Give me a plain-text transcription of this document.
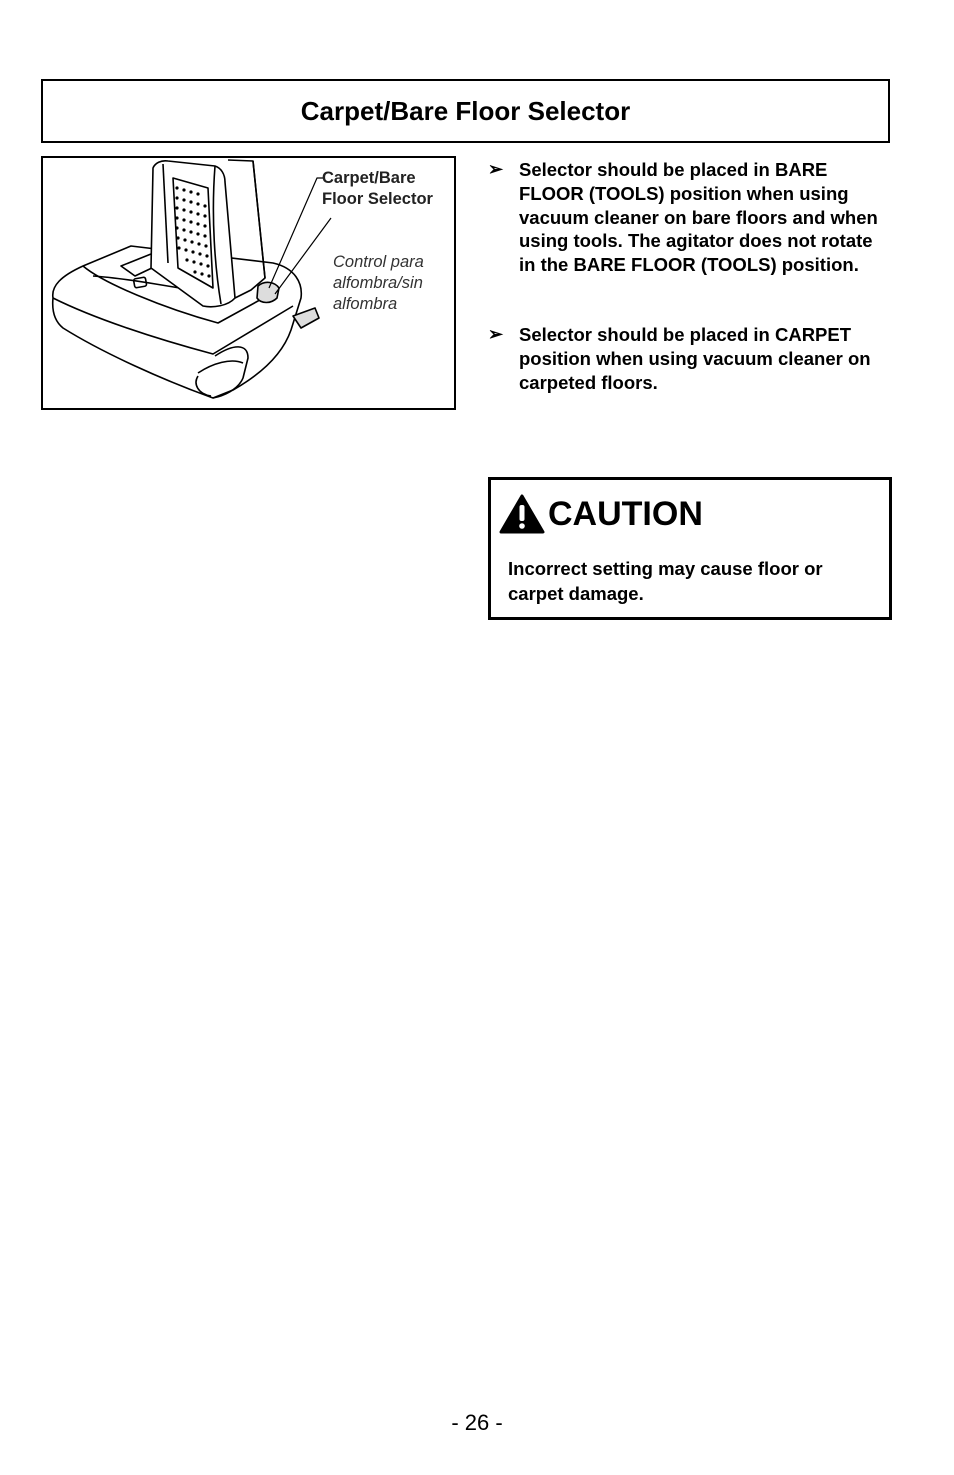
Carpet/Bare Floor Selector
Carpet/Bare
Floor Selector
Control para
alfombra/sin
alfombra
➢ Selector should be placed in BARE FLOOR (TOOLS) position when using vacuum cleaner on bare floors and when using tools. The agitator does not rotate in the BARE FLOOR (TOOLS) position.
➢ Selector should be placed in CARPET position when using vacuum cleaner on carpeted floors.
CAUTION
Incorrect setting may cause floor or carpet damage.
- 26 -
